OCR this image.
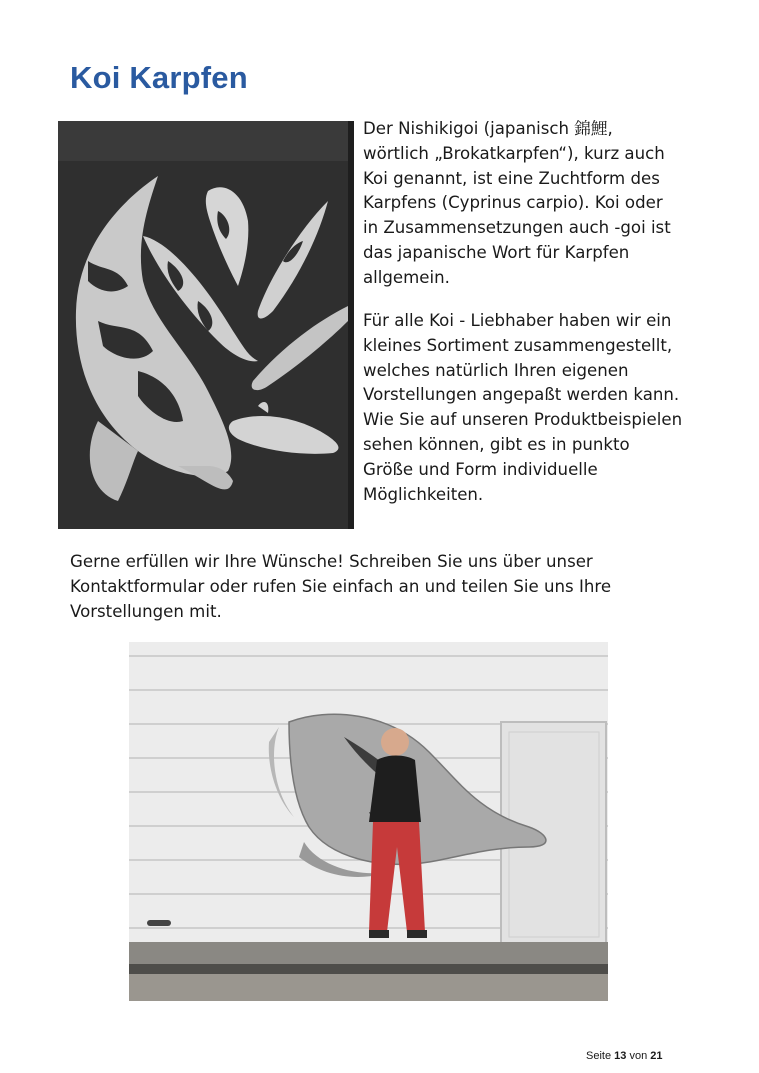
Koi Karpfen

Der Nishikigoi (japanisch 錦鯉, wörtlich „Brokatkarpfen“), kurz auch Koi genannt, ist eine Zuchtform des Karpfens (Cyprinus carpio). Koi oder in Zusammensetzungen auch -goi ist das japanische Wort für Karpfen allgemein.

Für alle Koi - Liebhaber haben wir ein kleines Sortiment zusammengestellt, welches natürlich Ihren eigenen Vorstellungen angepaßt werden kann. Wie Sie auf unseren Produktbeispielen sehen können, gibt es in punkto Größe und Form individuelle Möglichkeiten.

Gerne erfüllen wir Ihre Wünsche! Schreiben Sie uns über unser Kontaktformular oder rufen Sie einfach an und teilen Sie uns Ihre Vorstellungen mit.

Seite 13 von 21
